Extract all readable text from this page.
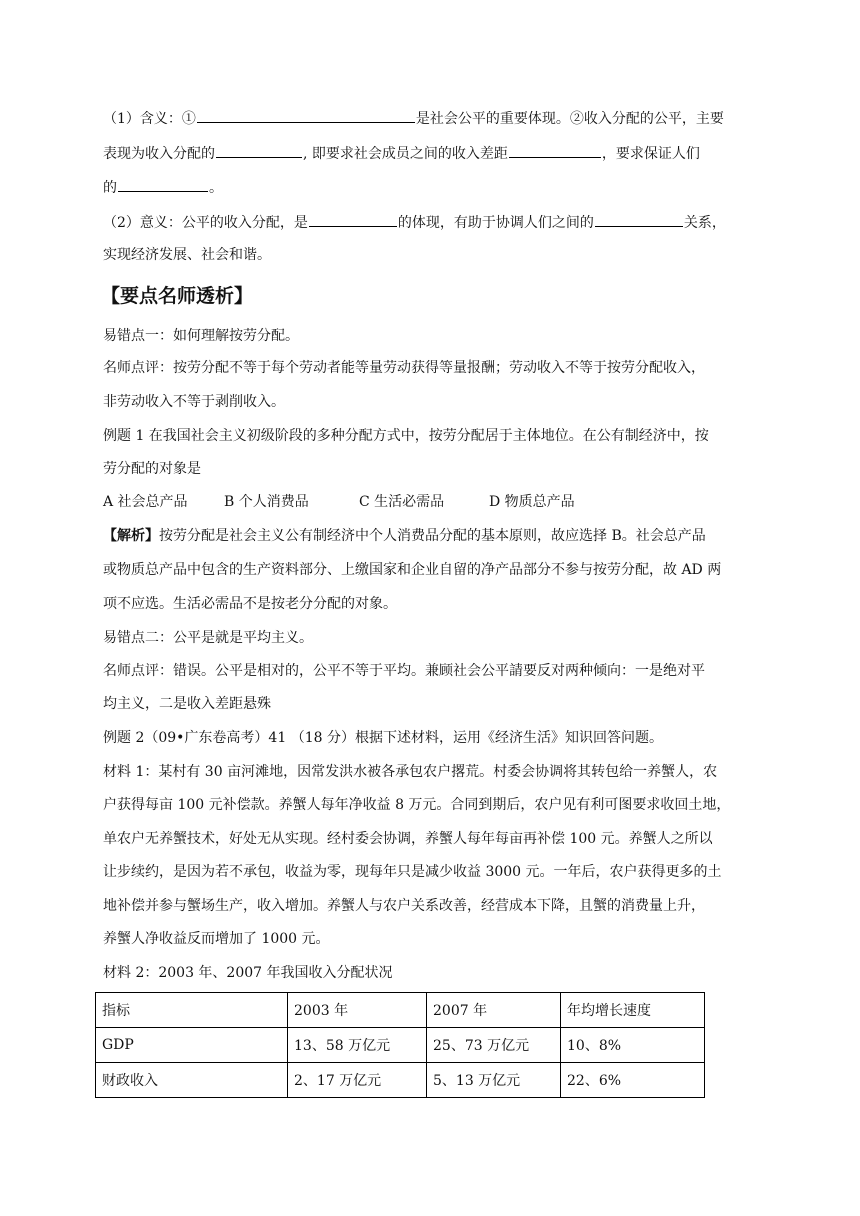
（1）含义：①	是社会公平的重要体现。②收入分配的公平，主要
表现为收入分配的	, 即要求社会成员之间的收入差距	，要求保证人们
的	。
（2）意义：公平的收入分配，是	的体现，有助于协调人们之间的	关系，
实现经济发展、社会和谐。
【要点名师透析】
易错点一：如何理解按劳分配。
名师点评：按劳分配不等于每个劳动者能等量劳动获得等量报酬；劳动收入不等于按劳分配收入，
非劳动收入不等于剥削收入。
例题 1 在我国社会主义初级阶段的多种分配方式中，按劳分配居于主体地位。在公有制经济中，按
劳分配的对象是
A 社会总产品	B 个人消费品	C 生活必需品	D 物质总产品
【解析】按劳分配是社会主义公有制经济中个人消费品分配的基本原则，故应选择 B。社会总产品
或物质总产品中包含的生产资料部分、上缴国家和企业自留的净产品部分不参与按劳分配，故 AD 两
项不应选。生活必需品不是按老分分配的对象。
易错点二：公平是就是平均主义。
名师点评：错误。公平是相对的，公平不等于平均。兼顾社会公平請要反对两种倾向：一是绝对平
均主义，二是收入差距悬殊
例题 2（09•广东卷高考）41 （18 分）根据下述材料，运用《经济生活》知识回答问题。
材料 1：某村有 30 亩河滩地，因常发洪水被各承包农户撂荒。村委会协调将其转包给一养蟹人，农
户获得每亩 100 元补偿款。养蟹人每年净收益 8 万元。合同到期后，农户见有利可图要求收回土地，
单农户无养蟹技术，好处无从实现。经村委会协调，养蟹人每年每亩再补偿 100 元。养蟹人之所以
让步续约，是因为若不承包，收益为零，现每年只是减少收益 3000 元。一年后，农户获得更多的土
地补偿并参与蟹场生产，收入增加。养蟹人与农户关系改善，经营成本下降，且蟹的消费量上升，
养蟹人净收益反而增加了 1000 元。
材料 2：2003 年、2007 年我国收入分配状况
指标	2003 年	2007 年	年均增长速度
GDP	13、58 万亿元	25、73 万亿元	10、8%
财政收入	2、17 万亿元	5、13 万亿元	22、6%
